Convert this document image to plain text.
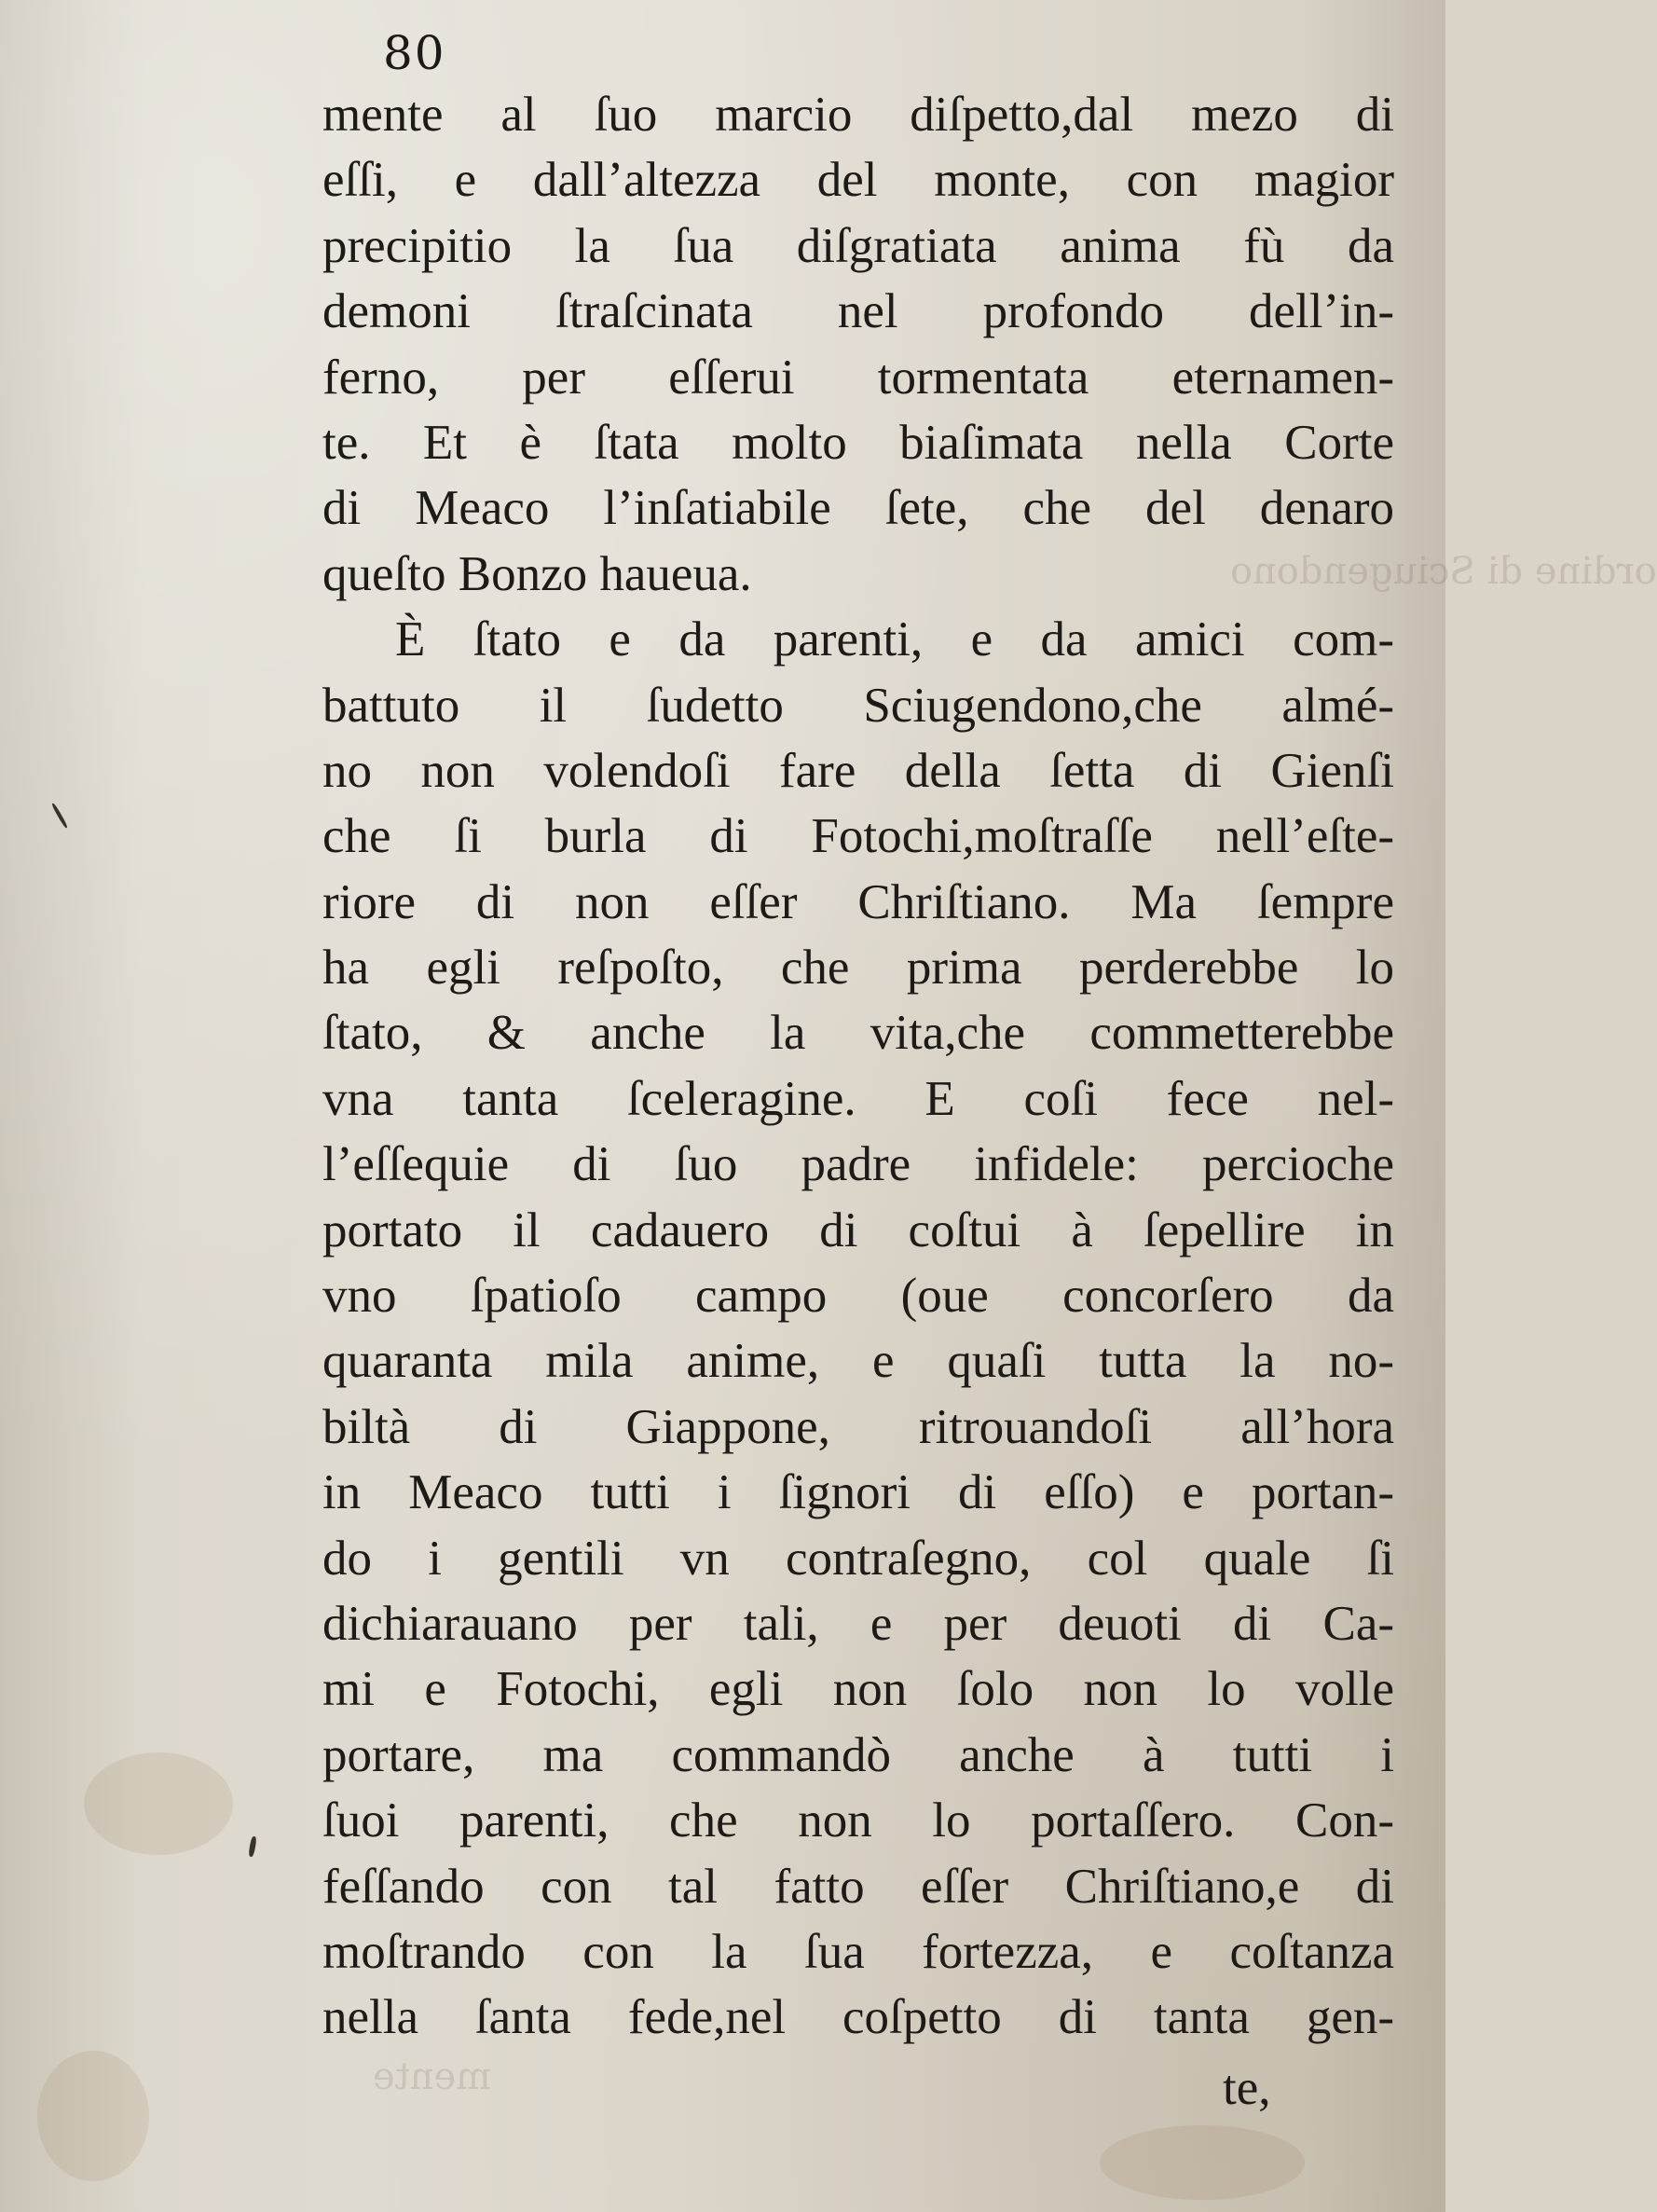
ordine di Sciugendono
mente
80
mente al ſuo marcio diſpetto,dal mezo di
eſſi, e dall’altezza del monte, con magior
precipitio la ſua diſgratiata anima fù da
demoni ſtraſcinata nel profondo dell’in-
ferno, per eſſerui tormentata eternamen-
te. Et è ſtata molto biaſimata nella Corte
di Meaco l’inſatiabile ſete, che del denaro
queſto Bonzo haueua.
È ſtato e da parenti, e da amici com-
battuto il ſudetto Sciugendono,che almé-
no non volendoſi fare della ſetta di Gienſi
che ſi burla di Fotochi,moſtraſſe nell’eſte-
riore di non eſſer Chriſtiano. Ma ſempre
ha egli reſpoſto, che prima perderebbe lo
ſtato, & anche la vita,che commetterebbe
vna tanta ſceleragine. E coſi fece nel-
l’eſſequie di ſuo padre infidele: percioche
portato il cadauero di coſtui à ſepellire in
vno ſpatioſo campo (oue concorſero da
quaranta mila anime, e quaſi tutta la no-
biltà di Giappone, ritrouandoſi all’hora
in Meaco tutti i ſignori di eſſo) e portan-
do i gentili vn contraſegno, col quale ſi
dichiarauano per tali, e per deuoti di Ca-
mi e Fotochi, egli non ſolo non lo volle
portare, ma commandò anche à tutti i
ſuoi parenti, che non lo portaſſero. Con-
feſſando con tal fatto eſſer Chriſtiano,e di
moſtrando con la ſua fortezza, e coſtanza
nella ſanta fede,nel coſpetto di tanta gen-
te,
